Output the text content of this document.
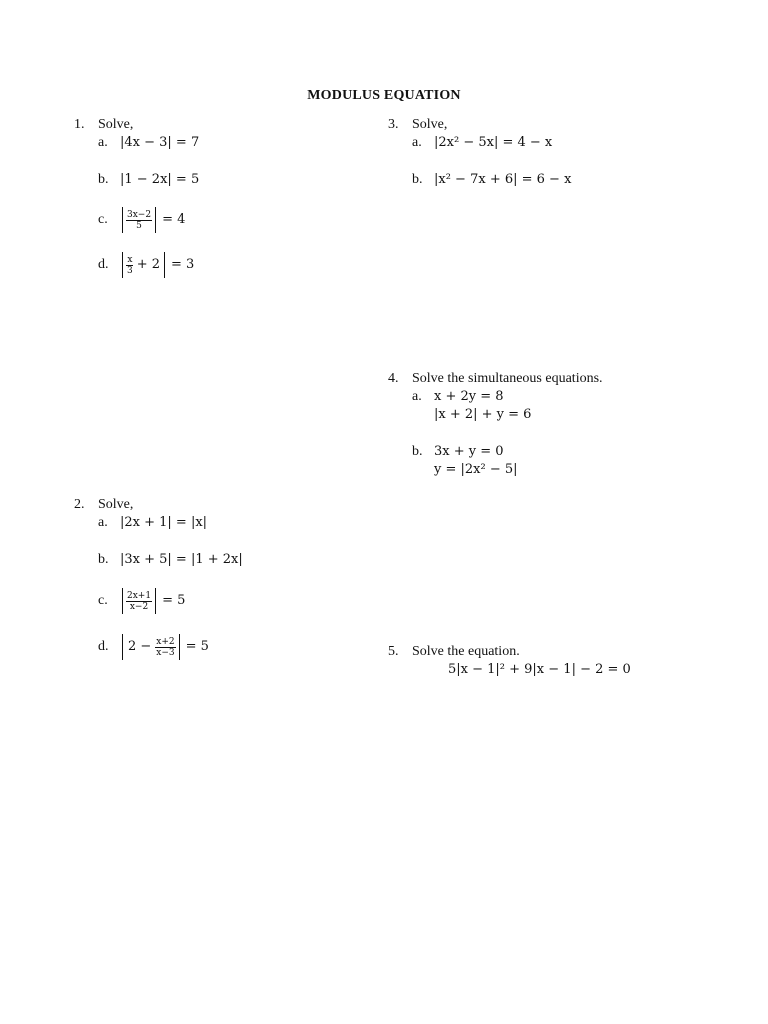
MODULUS EQUATION
1. Solve,
a. |4x − 3| = 7
b. |1 − 2x| = 5
c. $\frac{3x-2}{5} = 4$
d. $\frac{x}{3} + 2 = 3$
3. Solve,
a. |2x² − 5x| = 4 − x
b. |x² − 7x + 6| = 6 − x
4. Solve the simultaneous equations.
a. x + 2y = 8
|x + 2| + y = 6
b. 3x + y = 0
y = |2x² − 5|
2. Solve,
a. |2x + 1| = |x|
b. |3x + 5| = |1 + 2x|
c. $\frac{2x+1}{x-2} = 5$
d. $2 - \frac{x+2}{x-3} = 5$	5. Solve the equation.
5|x − 1|² + 9|x − 1| − 2 = 0
